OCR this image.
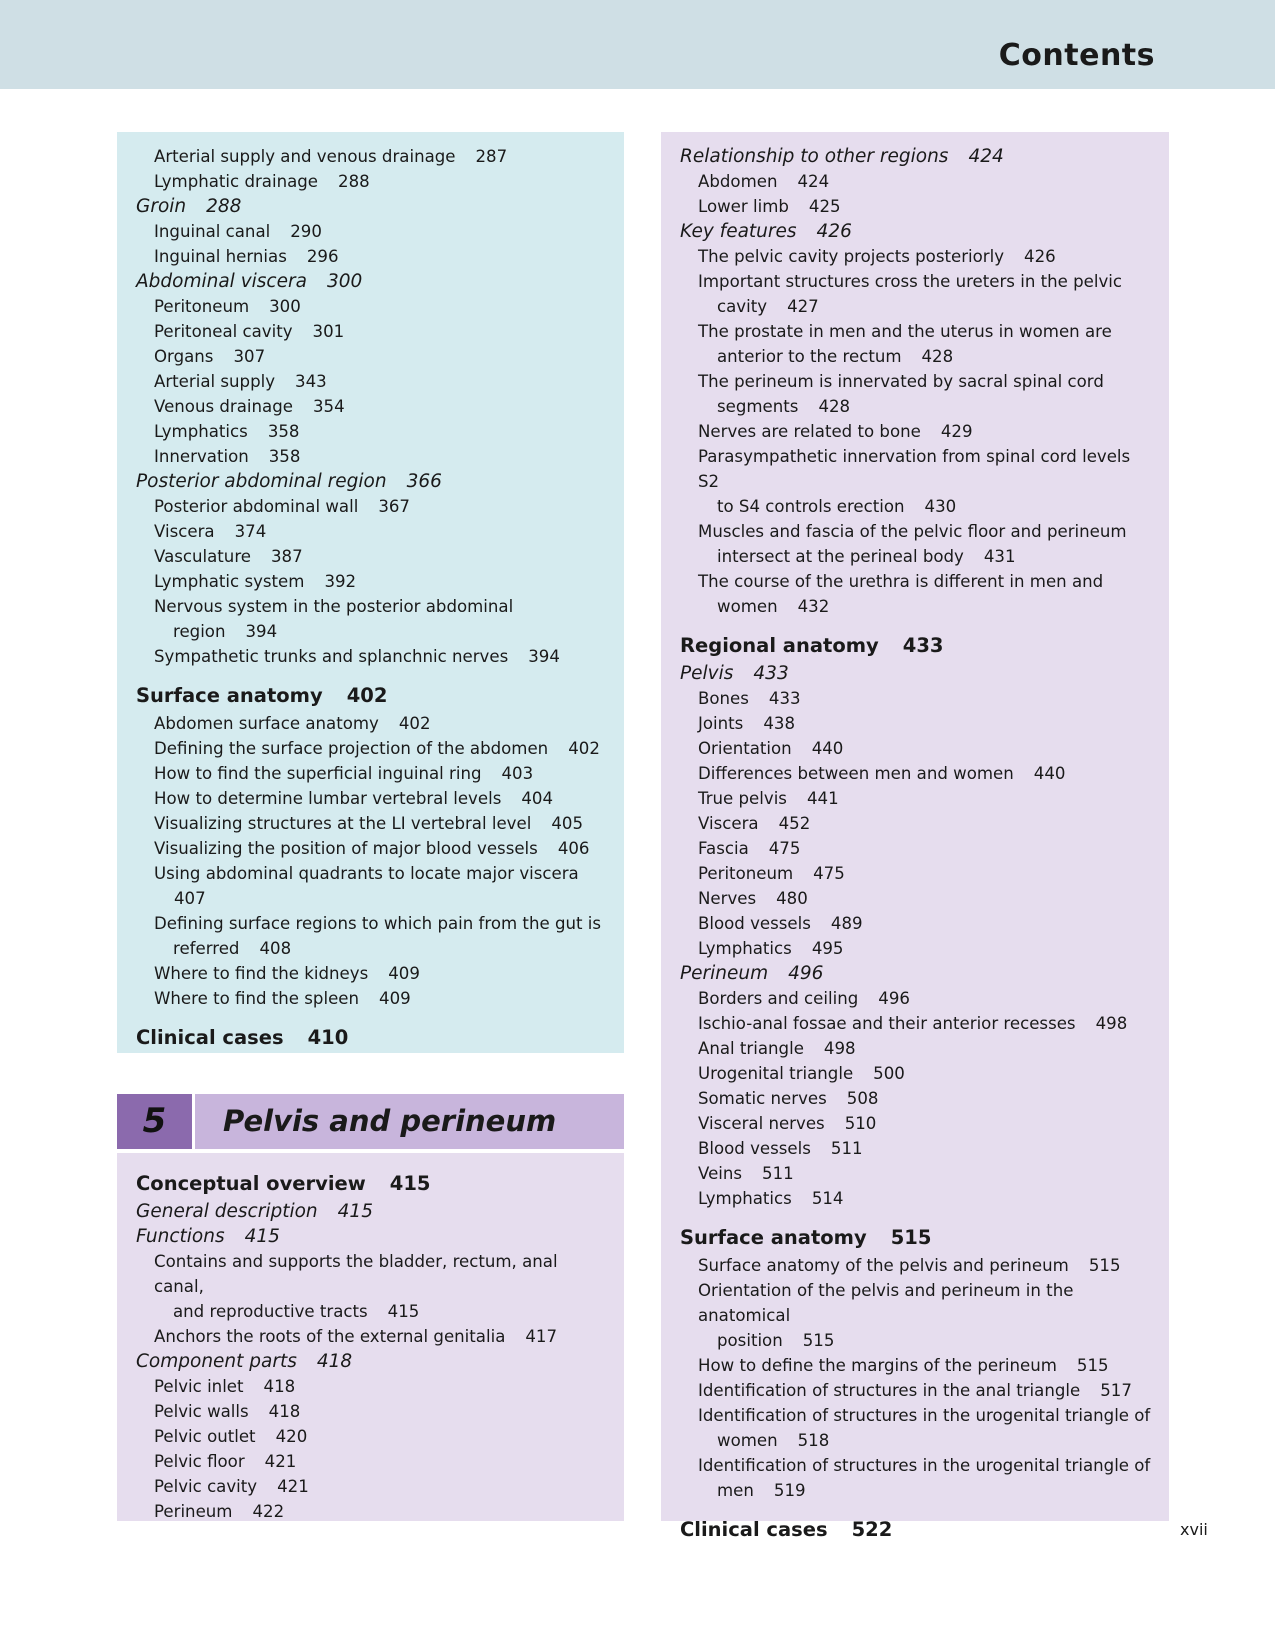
Contents
Arterial supply and venous drainage 287
Lymphatic drainage 288
Groin 288
Inguinal canal 290
Inguinal hernias 296
Abdominal viscera 300
Peritoneum 300
Peritoneal cavity 301
Organs 307
Arterial supply 343
Venous drainage 354
Lymphatics 358
Innervation 358
Posterior abdominal region 366
Posterior abdominal wall 367
Viscera 374
Vasculature 387
Lymphatic system 392
Nervous system in the posterior abdominal
region 394
Sympathetic trunks and splanchnic nerves 394
Surface anatomy 402
Abdomen surface anatomy 402
Defining the surface projection of the abdomen 402
How to find the superficial inguinal ring 403
How to determine lumbar vertebral levels 404
Visualizing structures at the LI vertebral level 405
Visualizing the position of major blood vessels 406
Using abdominal quadrants to locate major viscera407
Defining surface regions to which pain from the gut is
referred 408
Where to find the kidneys 409
Where to find the spleen 409
Clinical cases 410
5	Pelvis and perineum
Conceptual overview 415
General description 415
Functions 415
Contains and supports the bladder, rectum, anal canal,
and reproductive tracts 415
Anchors the roots of the external genitalia 417
Component parts 418
Pelvic inlet 418
Pelvic walls 418
Pelvic outlet 420
Pelvic floor 421
Pelvic cavity 421
Perineum 422
Relationship to other regions 424
Abdomen 424
Lower limb 425
Key features 426
The pelvic cavity projects posteriorly 426
Important structures cross the ureters in the pelvic
cavity 427
The prostate in men and the uterus in women are
anterior to the rectum 428
The perineum is innervated by sacral spinal cord
segments 428
Nerves are related to bone 429
Parasympathetic innervation from spinal cord levels S2
to S4 controls erection 430
Muscles and fascia of the pelvic floor and perineum
intersect at the perineal body 431
The course of the urethra is different in men and
women 432
Regional anatomy 433
Pelvis 433
Bones 433
Joints 438
Orientation 440
Differences between men and women 440
True pelvis 441
Viscera 452
Fascia 475
Peritoneum 475
Nerves 480
Blood vessels 489
Lymphatics 495
Perineum 496
Borders and ceiling 496
Ischio-anal fossae and their anterior recesses 498
Anal triangle 498
Urogenital triangle 500
Somatic nerves 508
Visceral nerves 510
Blood vessels 511
Veins 511
Lymphatics 514
Surface anatomy 515
Surface anatomy of the pelvis and perineum 515
Orientation of the pelvis and perineum in the anatomical
position 515
How to define the margins of the perineum 515
Identification of structures in the anal triangle 517
Identification of structures in the urogenital triangle of
women 518
Identification of structures in the urogenital triangle of
men 519
Clinical cases 522	xvii
